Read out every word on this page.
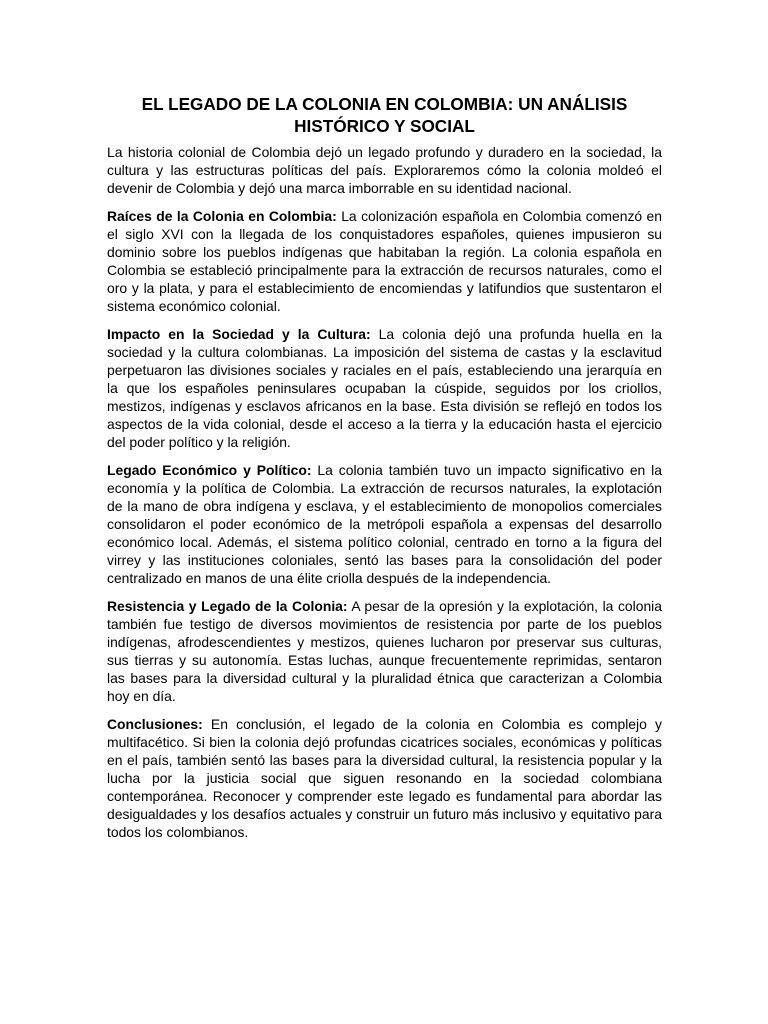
EL LEGADO DE LA COLONIA EN COLOMBIA: UN ANÁLISIS HISTÓRICO Y SOCIAL

La historia colonial de Colombia dejó un legado profundo y duradero en la sociedad, la cultura y las estructuras políticas del país. Exploraremos cómo la colonia moldeó el devenir de Colombia y dejó una marca imborrable en su identidad nacional.

Raíces de la Colonia en Colombia: La colonización española en Colombia comenzó en el siglo XVI con la llegada de los conquistadores españoles, quienes impusieron su dominio sobre los pueblos indígenas que habitaban la región. La colonia española en Colombia se estableció principalmente para la extracción de recursos naturales, como el oro y la plata, y para el establecimiento de encomiendas y latifundios que sustentaron el sistema económico colonial.

Impacto en la Sociedad y la Cultura: La colonia dejó una profunda huella en la sociedad y la cultura colombianas. La imposición del sistema de castas y la esclavitud perpetuaron las divisiones sociales y raciales en el país, estableciendo una jerarquía en la que los españoles peninsulares ocupaban la cúspide, seguidos por los criollos, mestizos, indígenas y esclavos africanos en la base. Esta división se reflejó en todos los aspectos de la vida colonial, desde el acceso a la tierra y la educación hasta el ejercicio del poder político y la religión.

Legado Económico y Político: La colonia también tuvo un impacto significativo en la economía y la política de Colombia. La extracción de recursos naturales, la explotación de la mano de obra indígena y esclava, y el establecimiento de monopolios comerciales consolidaron el poder económico de la metrópoli española a expensas del desarrollo económico local. Además, el sistema político colonial, centrado en torno a la figura del virrey y las instituciones coloniales, sentó las bases para la consolidación del poder centralizado en manos de una élite criolla después de la independencia.

Resistencia y Legado de la Colonia: A pesar de la opresión y la explotación, la colonia también fue testigo de diversos movimientos de resistencia por parte de los pueblos indígenas, afrodescendientes y mestizos, quienes lucharon por preservar sus culturas, sus tierras y su autonomía. Estas luchas, aunque frecuentemente reprimidas, sentaron las bases para la diversidad cultural y la pluralidad étnica que caracterizan a Colombia hoy en día.

Conclusiones: En conclusión, el legado de la colonia en Colombia es complejo y multifacético. Si bien la colonia dejó profundas cicatrices sociales, económicas y políticas en el país, también sentó las bases para la diversidad cultural, la resistencia popular y la lucha por la justicia social que siguen resonando en la sociedad colombiana contemporánea. Reconocer y comprender este legado es fundamental para abordar las desigualdades y los desafíos actuales y construir un futuro más inclusivo y equitativo para todos los colombianos.
